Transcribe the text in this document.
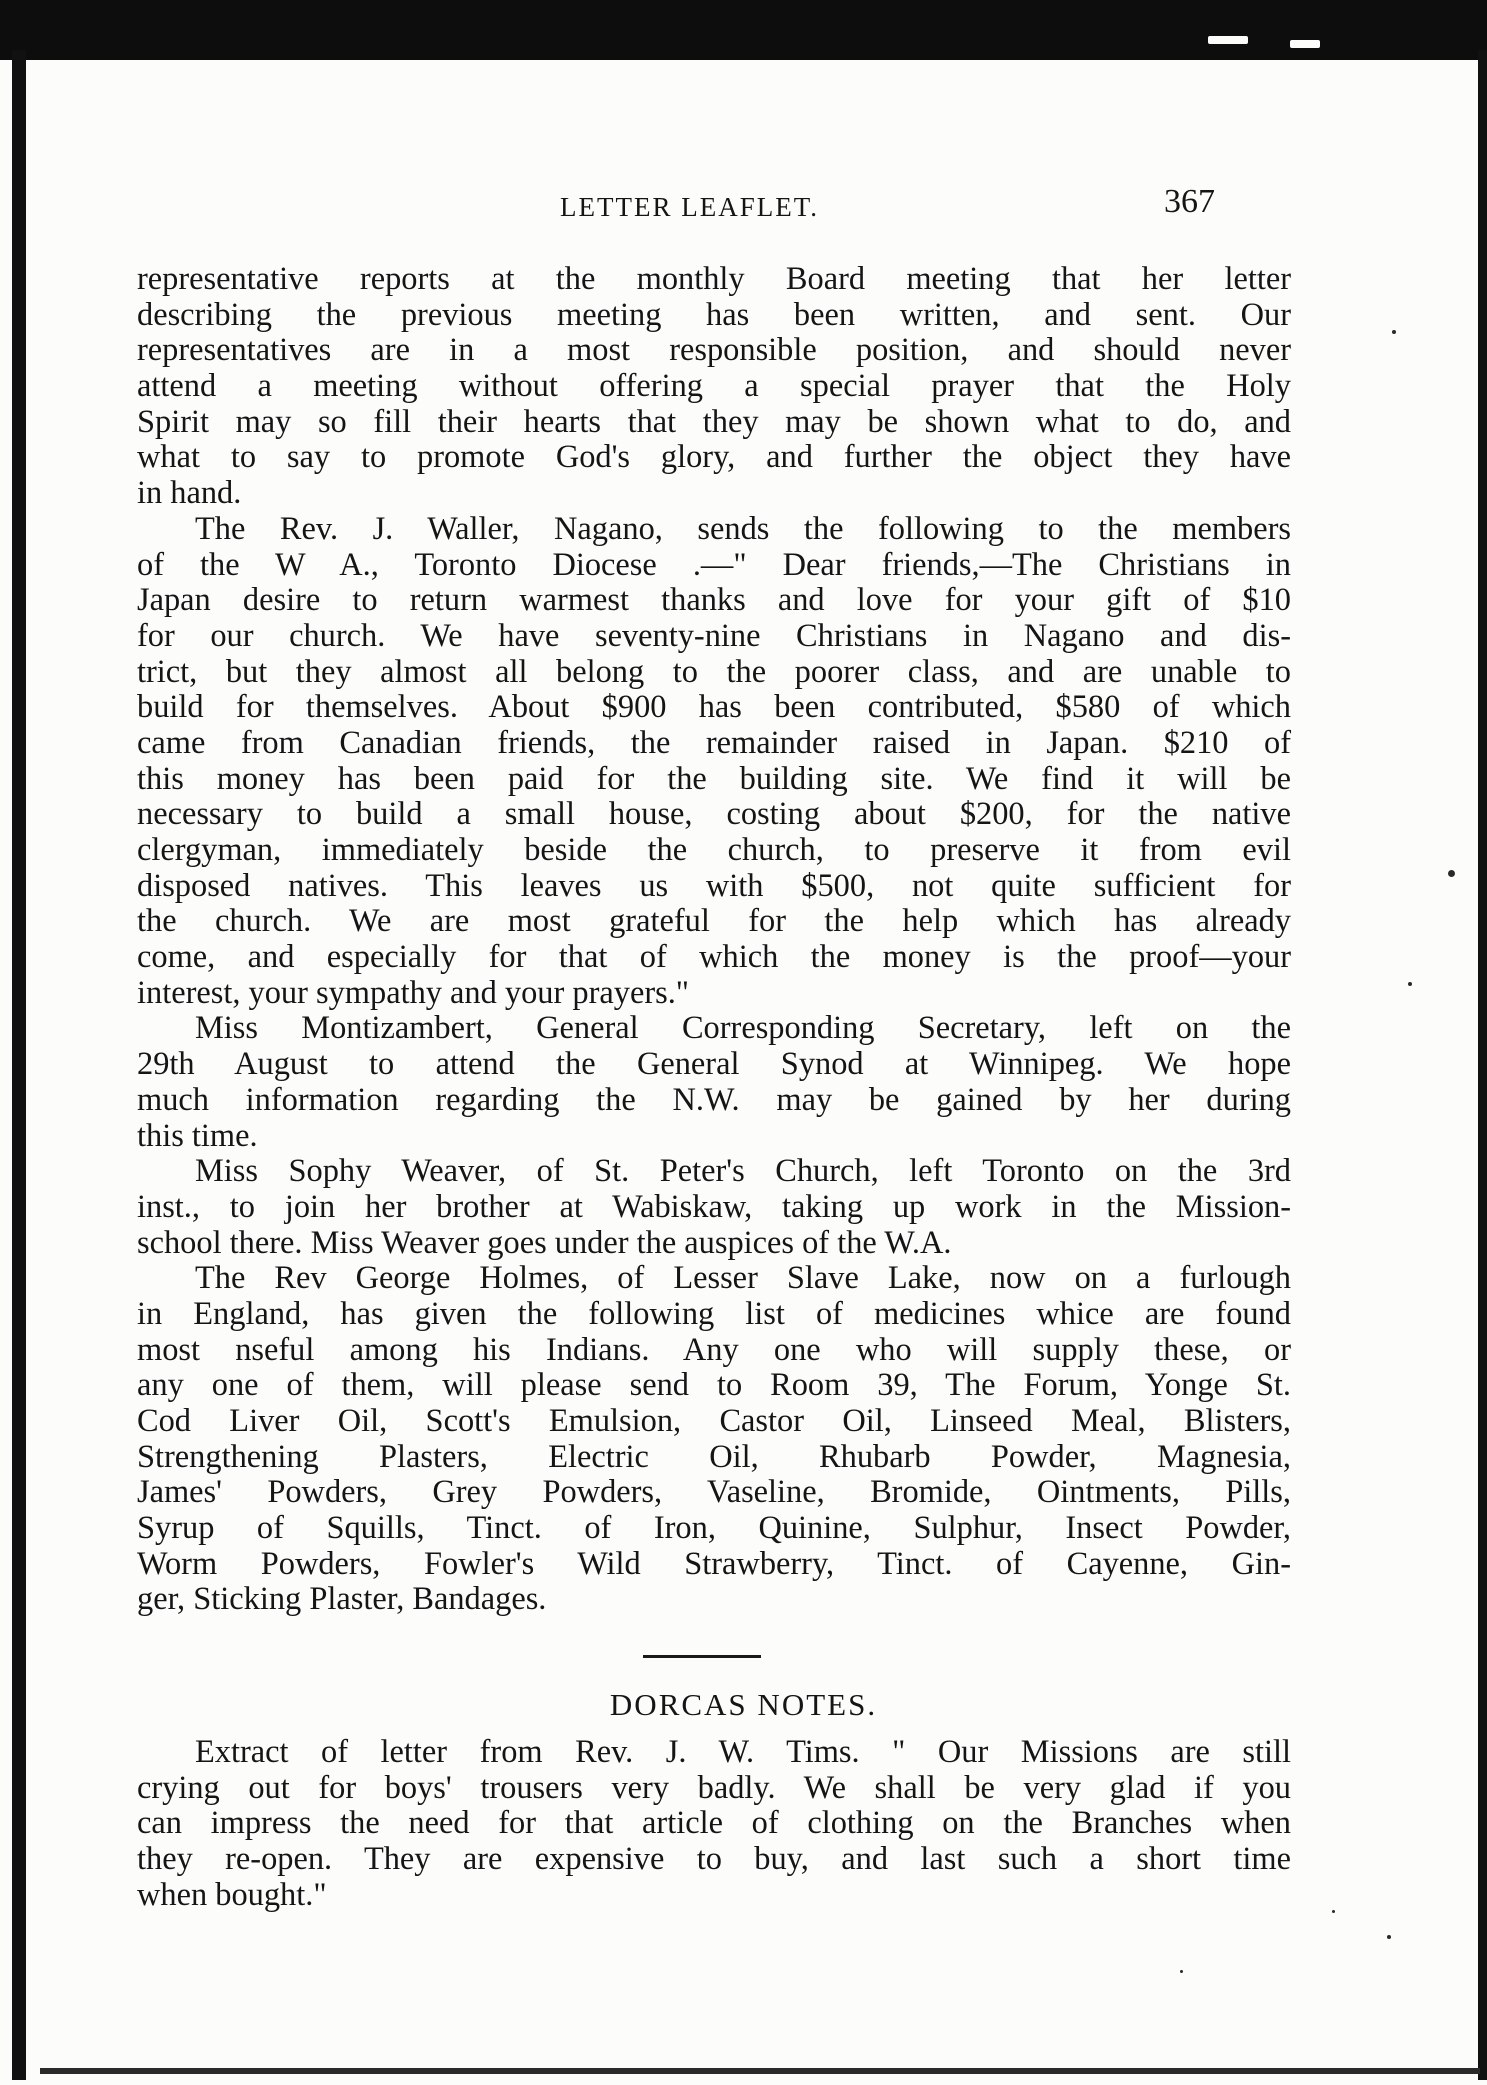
LETTER LEAFLET.	367
representative reports at the monthly Board meeting that her letter
describing the previous meeting has been written, and sent. Our
representatives are in a most responsible position, and should never
attend a meeting without offering a special prayer that the Holy
Spirit may so fill their hearts that they may be shown what to do, and
what to say to promote God's glory, and further the object they have
in hand.
The Rev. J. Waller, Nagano, sends the following to the members
of the W A., Toronto Diocese .—" Dear friends,—The Christians in
Japan desire to return warmest thanks and love for your gift of $10
for our church. We have seventy-nine Christians in Nagano and dis-
trict, but they almost all belong to the poorer class, and are unable to
build for themselves. About $900 has been contributed, $580 of which
came from Canadian friends, the remainder raised in Japan. $210 of
this money has been paid for the building site. We find it will be
necessary to build a small house, costing about $200, for the native
clergyman, immediately beside the church, to preserve it from evil
disposed natives. This leaves us with $500, not quite sufficient for
the church. We are most grateful for the help which has already
come, and especially for that of which the money is the proof—your
interest, your sympathy and your prayers."
Miss Montizambert, General Corresponding Secretary, left on the
29th August to attend the General Synod at Winnipeg. We hope
much information regarding the N.W. may be gained by her during
this time.
Miss Sophy Weaver, of St. Peter's Church, left Toronto on the 3rd
inst., to join her brother at Wabiskaw, taking up work in the Mission-
school there. Miss Weaver goes under the auspices of the W.A.
The Rev George Holmes, of Lesser Slave Lake, now on a furlough
in England, has given the following list of medicines whice are found
most nseful among his Indians. Any one who will supply these, or
any one of them, will please send to Room 39, The Forum, Yonge St.
Cod Liver Oil, Scott's Emulsion, Castor Oil, Linseed Meal, Blisters,
Strengthening Plasters, Electric Oil, Rhubarb Powder, Magnesia,
James' Powders, Grey Powders, Vaseline, Bromide, Ointments, Pills,
Syrup of Squills, Tinct. of Iron, Quinine, Sulphur, Insect Powder,
Worm Powders, Fowler's Wild Strawberry, Tinct. of Cayenne, Gin-
ger, Sticking Plaster, Bandages.
DORCAS NOTES.
Extract of letter from Rev. J. W. Tims. " Our Missions are still
crying out for boys' trousers very badly. We shall be very glad if you
can impress the need for that article of clothing on the Branches when
they re-open. They are expensive to buy, and last such a short time
when bought."
